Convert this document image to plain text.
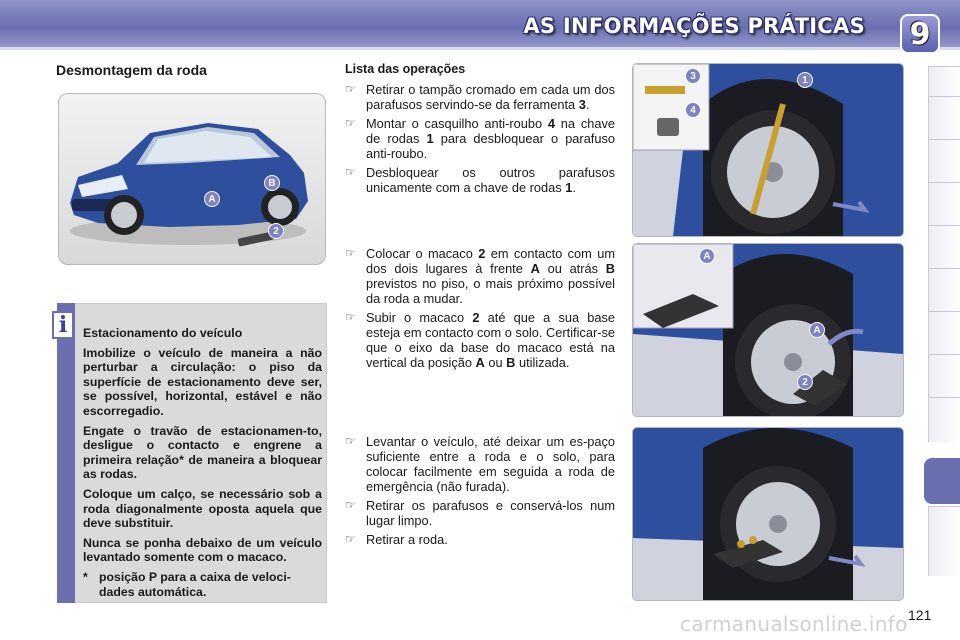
AS INFORMAÇÕES PRÁTICAS	9
Desmontagem da roda
A
B
2
i	Estacionamento do veículo

Imobilize o veículo de maneira a não perturbar a circulação: o piso da superfície de estacionamento deve ser, se possível, horizontal, estável e não escorregadio.

Engate o travão de estacionamen-to, desligue o contacto e engrene a primeira relação* de maneira a bloquear as rodas.

Coloque um calço, se necessário sob a roda diagonalmente oposta aquela que deve substituir.

Nunca se ponha debaixo de um veículo levantado somente com o macaco.

* posição P para a caixa de veloci-dades automática.
Lista das operações
☞ Retirar o tampão cromado em cada um dos parafusos servindo-se da ferramenta 3.
☞ Montar o casquilho anti-roubo 4 na chave de rodas 1 para desbloquear o parafuso anti-roubo.
☞ Desbloquear os outros parafusos unicamente com a chave de rodas 1.
☞ Colocar o macaco 2 em contacto com um dos dois lugares à frente A ou atrás B previstos no piso, o mais próximo possível da roda a mudar.
☞ Subir o macaco 2 até que a sua base esteja em contacto com o solo. Certificar-se que o eixo da base do macaco está na vertical da posição A ou B utilizada.
☞ Levantar o veículo, até deixar um es-paço suficiente entre a roda e o solo, para colocar facilmente em seguida a roda de emergência (não furada).
☞ Retirar os parafusos e conservá-los num lugar limpo.
☞ Retirar a roda.
3
4
1
A
A
2
121
carmanualsonline.info
